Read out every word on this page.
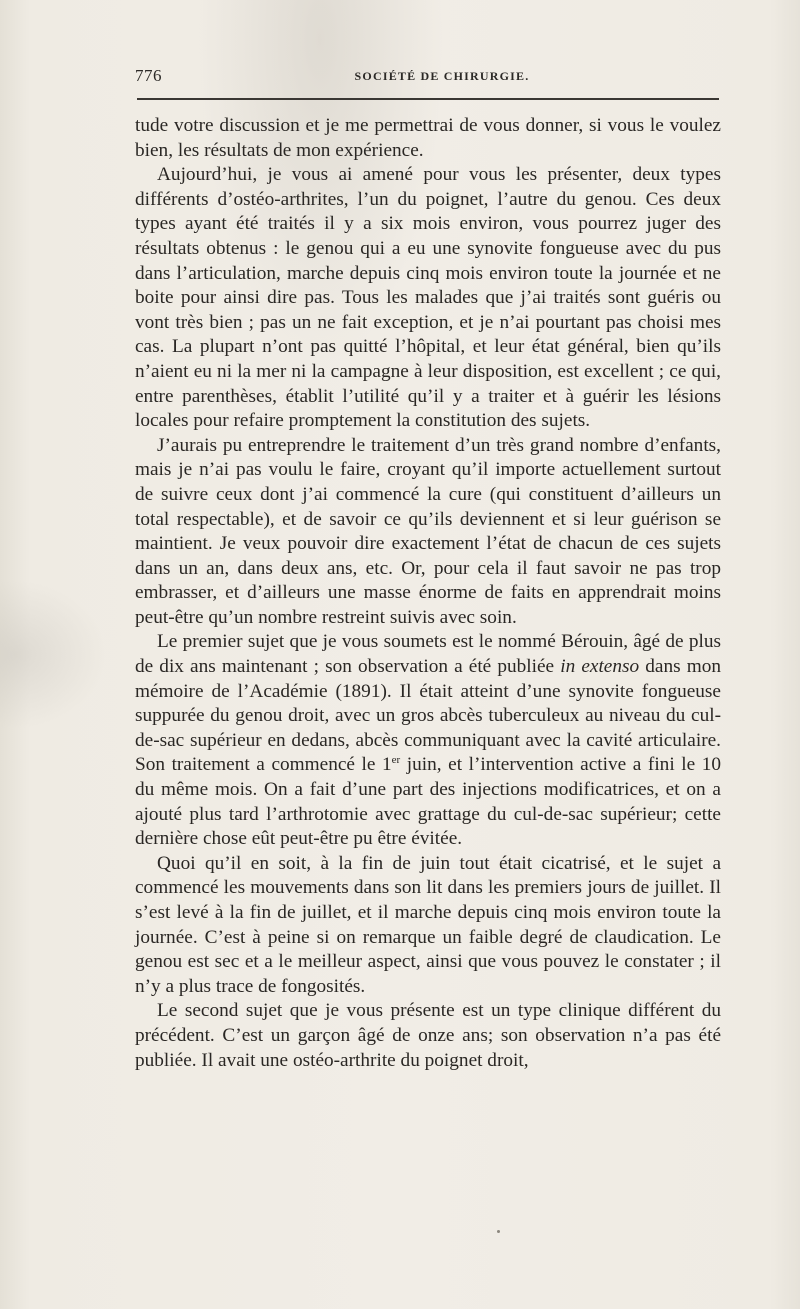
776	SOCIÉTÉ DE CHIRURGIE.

tude votre discussion et je me permettrai de vous donner, si vous le voulez bien, les résultats de mon expérience.

Aujourd’hui, je vous ai amené pour vous les présenter, deux types différents d’ostéo-arthrites, l’un du poignet, l’autre du genou. Ces deux types ayant été traités il y a six mois environ, vous pourrez juger des résultats obtenus : le genou qui a eu une synovite fongueuse avec du pus dans l’articulation, marche depuis cinq mois environ toute la journée et ne boite pour ainsi dire pas. Tous les malades que j’ai traités sont guéris ou vont très bien ; pas un ne fait exception, et je n’ai pourtant pas choisi mes cas. La plupart n’ont pas quitté l’hôpital, et leur état général, bien qu’ils n’aient eu ni la mer ni la campagne à leur disposition, est excellent ; ce qui, entre parenthèses, établit l’utilité qu’il y a traiter et à guérir les lésions locales pour refaire promptement la constitution des sujets.

J’aurais pu entreprendre le traitement d’un très grand nombre d’enfants, mais je n’ai pas voulu le faire, croyant qu’il importe actuellement surtout de suivre ceux dont j’ai commencé la cure (qui constituent d’ailleurs un total respectable), et de savoir ce qu’ils deviennent et si leur guérison se maintient. Je veux pouvoir dire exactement l’état de chacun de ces sujets dans un an, dans deux ans, etc. Or, pour cela il faut savoir ne pas trop embrasser, et d’ailleurs une masse énorme de faits en apprendrait moins peut-être qu’un nombre restreint suivis avec soin.

Le premier sujet que je vous soumets est le nommé Bérouin, âgé de plus de dix ans maintenant ; son observation a été publiée in extenso dans mon mémoire de l’Académie (1891). Il était atteint d’une synovite fongueuse suppurée du genou droit, avec un gros abcès tuberculeux au niveau du cul-de-sac supérieur en dedans, abcès communiquant avec la cavité articulaire. Son traitement a commencé le 1er juin, et l’intervention active a fini le 10 du même mois. On a fait d’une part des injections modificatrices, et on a ajouté plus tard l’arthrotomie avec grattage du cul-de-sac supérieur; cette dernière chose eût peut-être pu être évitée.

Quoi qu’il en soit, à la fin de juin tout était cicatrisé, et le sujet a commencé les mouvements dans son lit dans les premiers jours de juillet. Il s’est levé à la fin de juillet, et il marche depuis cinq mois environ toute la journée. C’est à peine si on remarque un faible degré de claudication. Le genou est sec et a le meilleur aspect, ainsi que vous pouvez le constater ; il n’y a plus trace de fongosités.

Le second sujet que je vous présente est un type clinique différent du précédent. C’est un garçon âgé de onze ans; son observation n’a pas été publiée. Il avait une ostéo-arthrite du poignet droit,
